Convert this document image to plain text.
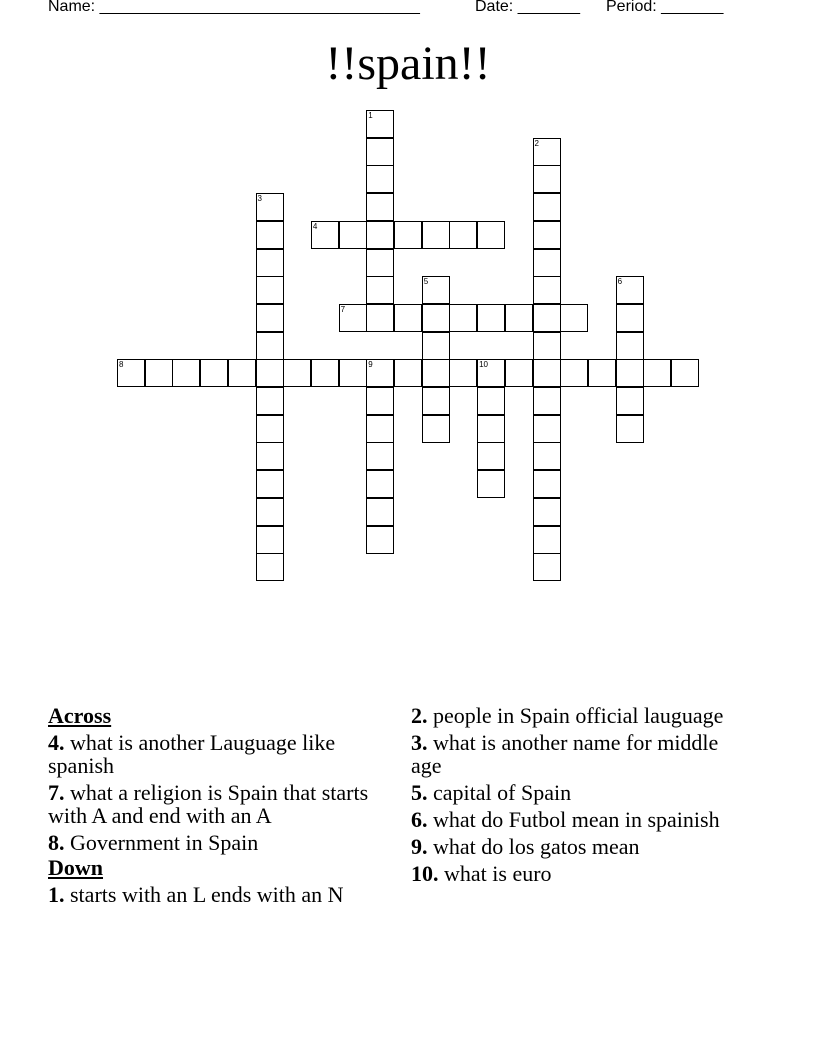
Name: ____________________________________	Date: _______ Period: _______
!!spain!!
1
2
3
4
5	6
7
8	9	10
Across
4. what is another Lauguage like spanish
7. what a religion is Spain that starts with A and end with an A
8. Government in Spain
Down
1. starts with an L ends with an N
2. people in Spain official lauguage
3. what is another name for middle age
5. capital of Spain
6. what do Futbol mean in spainish
9. what do los gatos mean
10. what is euro
